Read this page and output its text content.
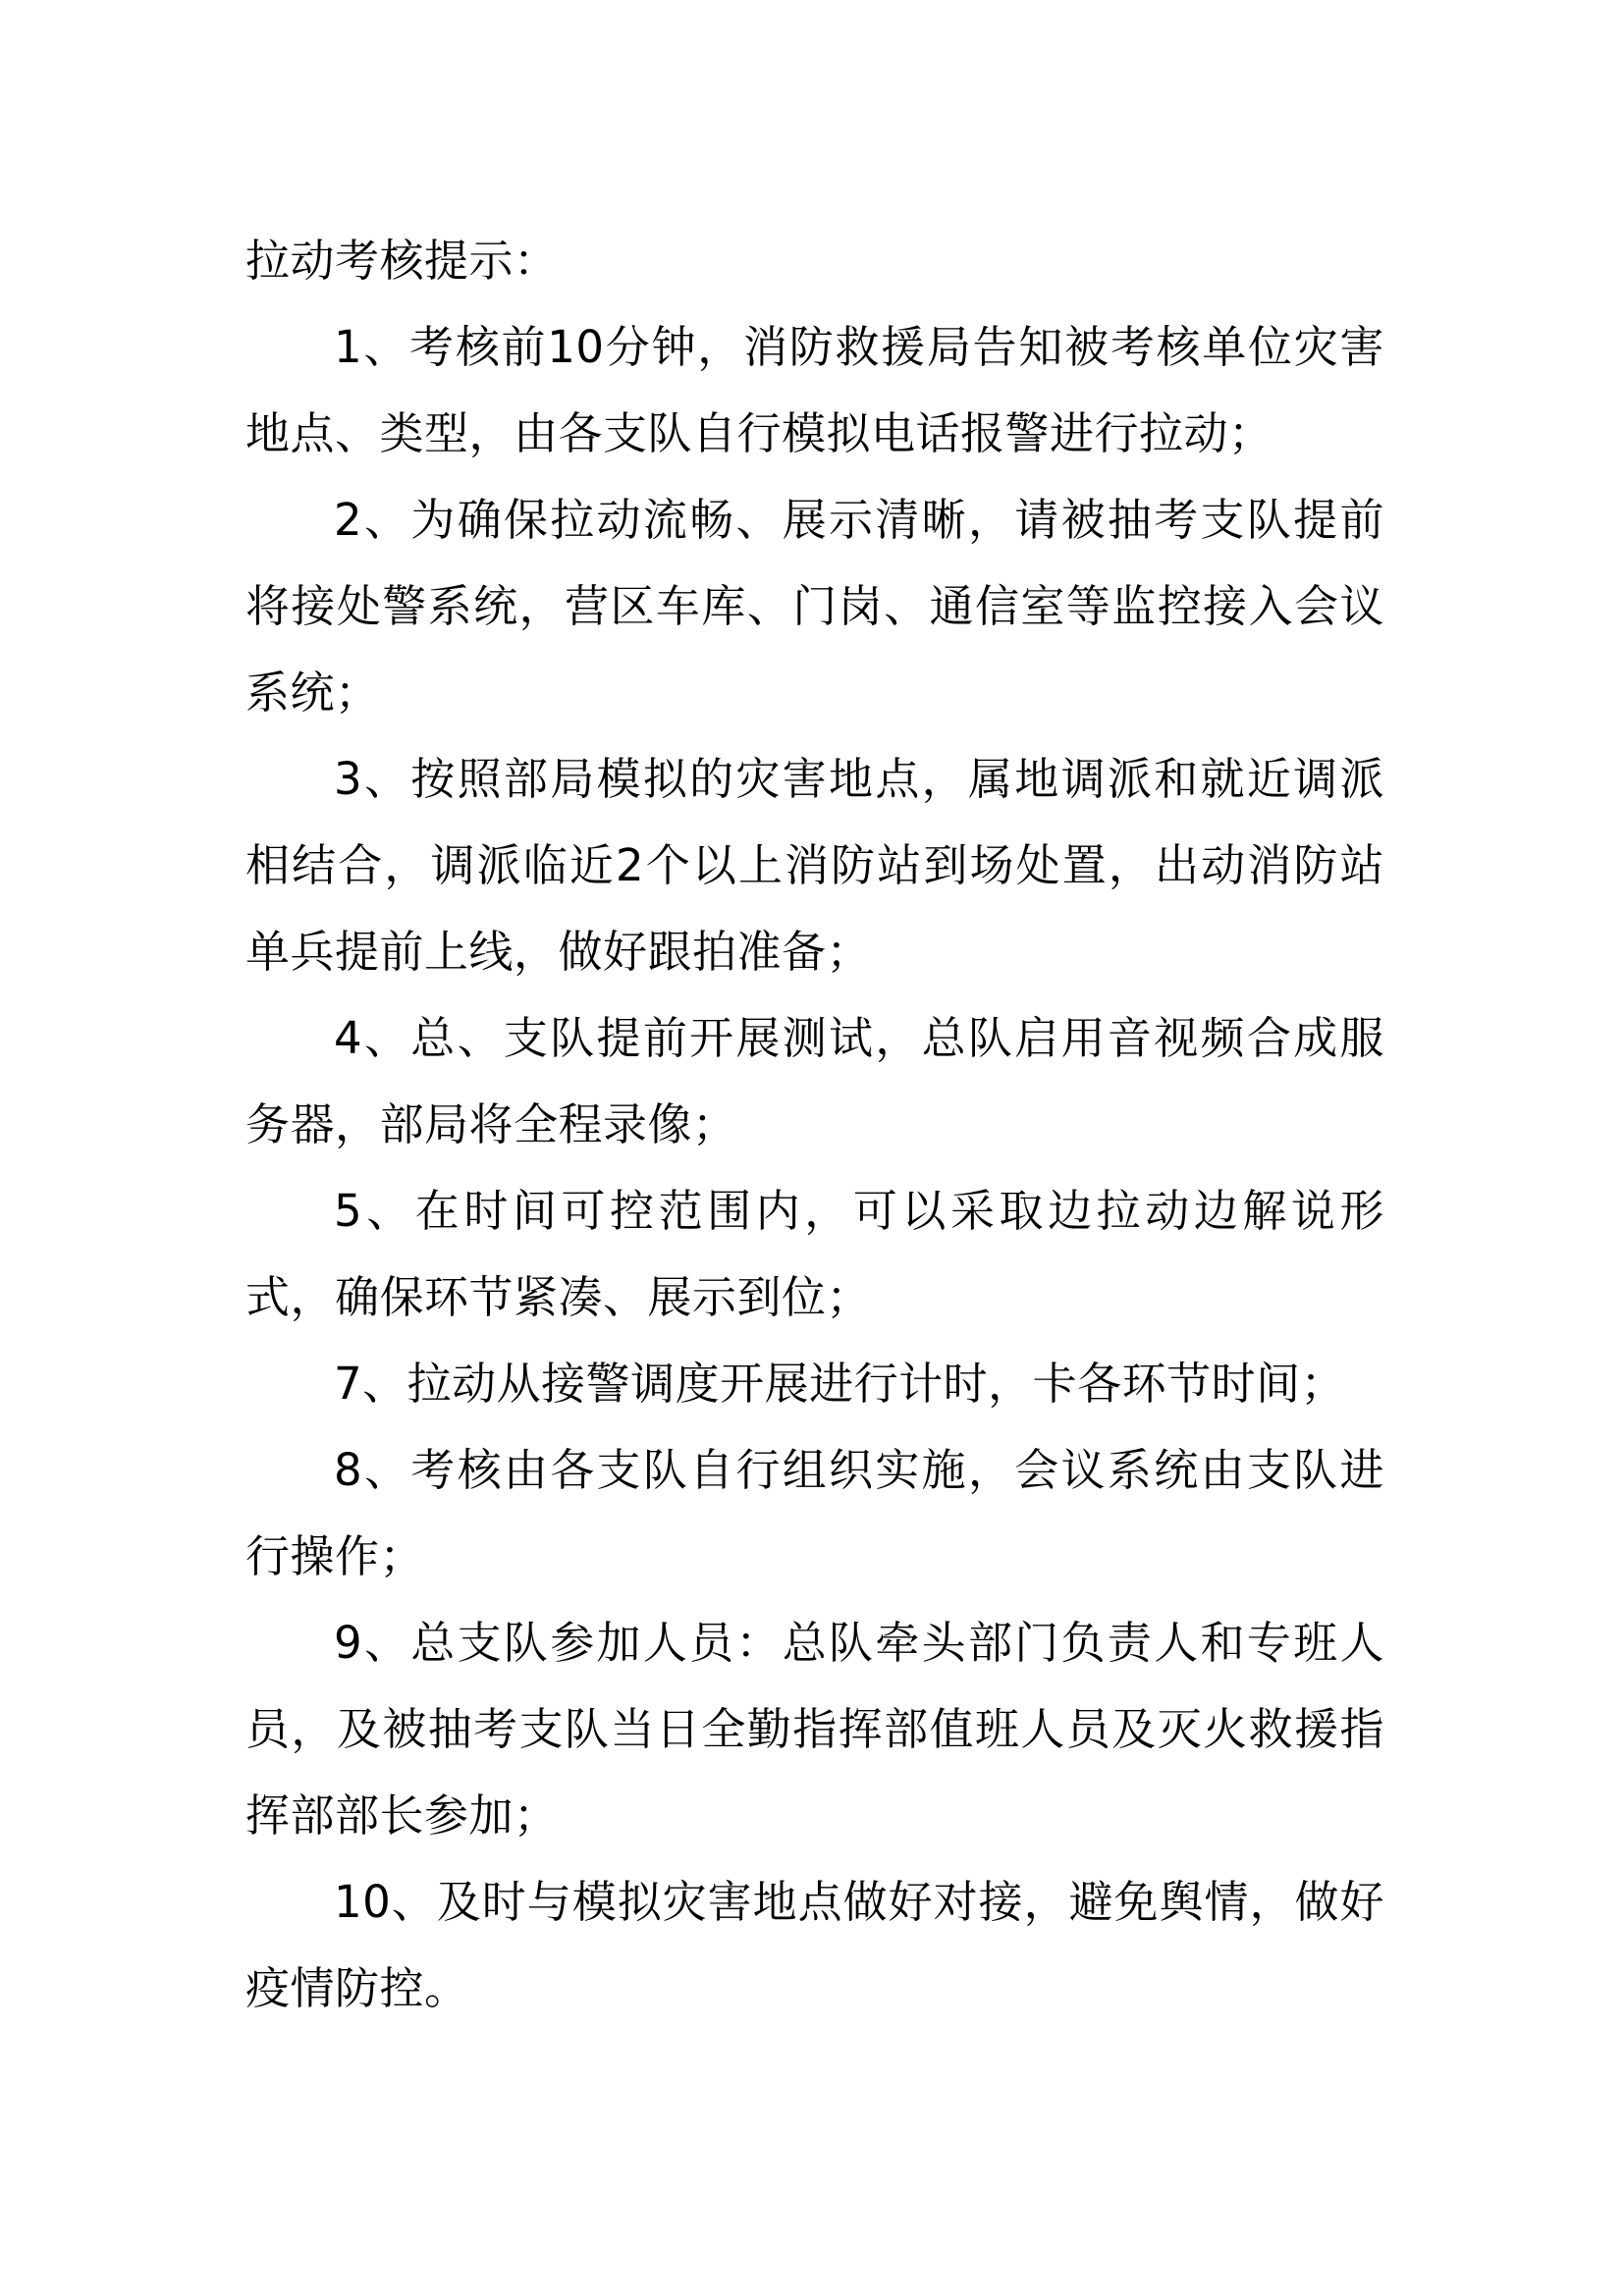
拉动考核提示：

1、考核前10分钟，消防救援局告知被考核单位灾害地点、类型，由各支队自行模拟电话报警进行拉动；

2、为确保拉动流畅、展示清晰，请被抽考支队提前将接处警系统，营区车库、门岗、通信室等监控接入会议系统；

3、按照部局模拟的灾害地点，属地调派和就近调派相结合，调派临近2个以上消防站到场处置，出动消防站单兵提前上线，做好跟拍准备；

4、总、支队提前开展测试，总队启用音视频合成服务器，部局将全程录像；

5、在时间可控范围内，可以采取边拉动边解说形式，确保环节紧凑、展示到位；

7、拉动从接警调度开展进行计时，卡各环节时间；

8、考核由各支队自行组织实施，会议系统由支队进行操作；

9、总支队参加人员：总队牵头部门负责人和专班人员，及被抽考支队当日全勤指挥部值班人员及灭火救援指挥部部长参加；

10、及时与模拟灾害地点做好对接，避免舆情，做好疫情防控。
